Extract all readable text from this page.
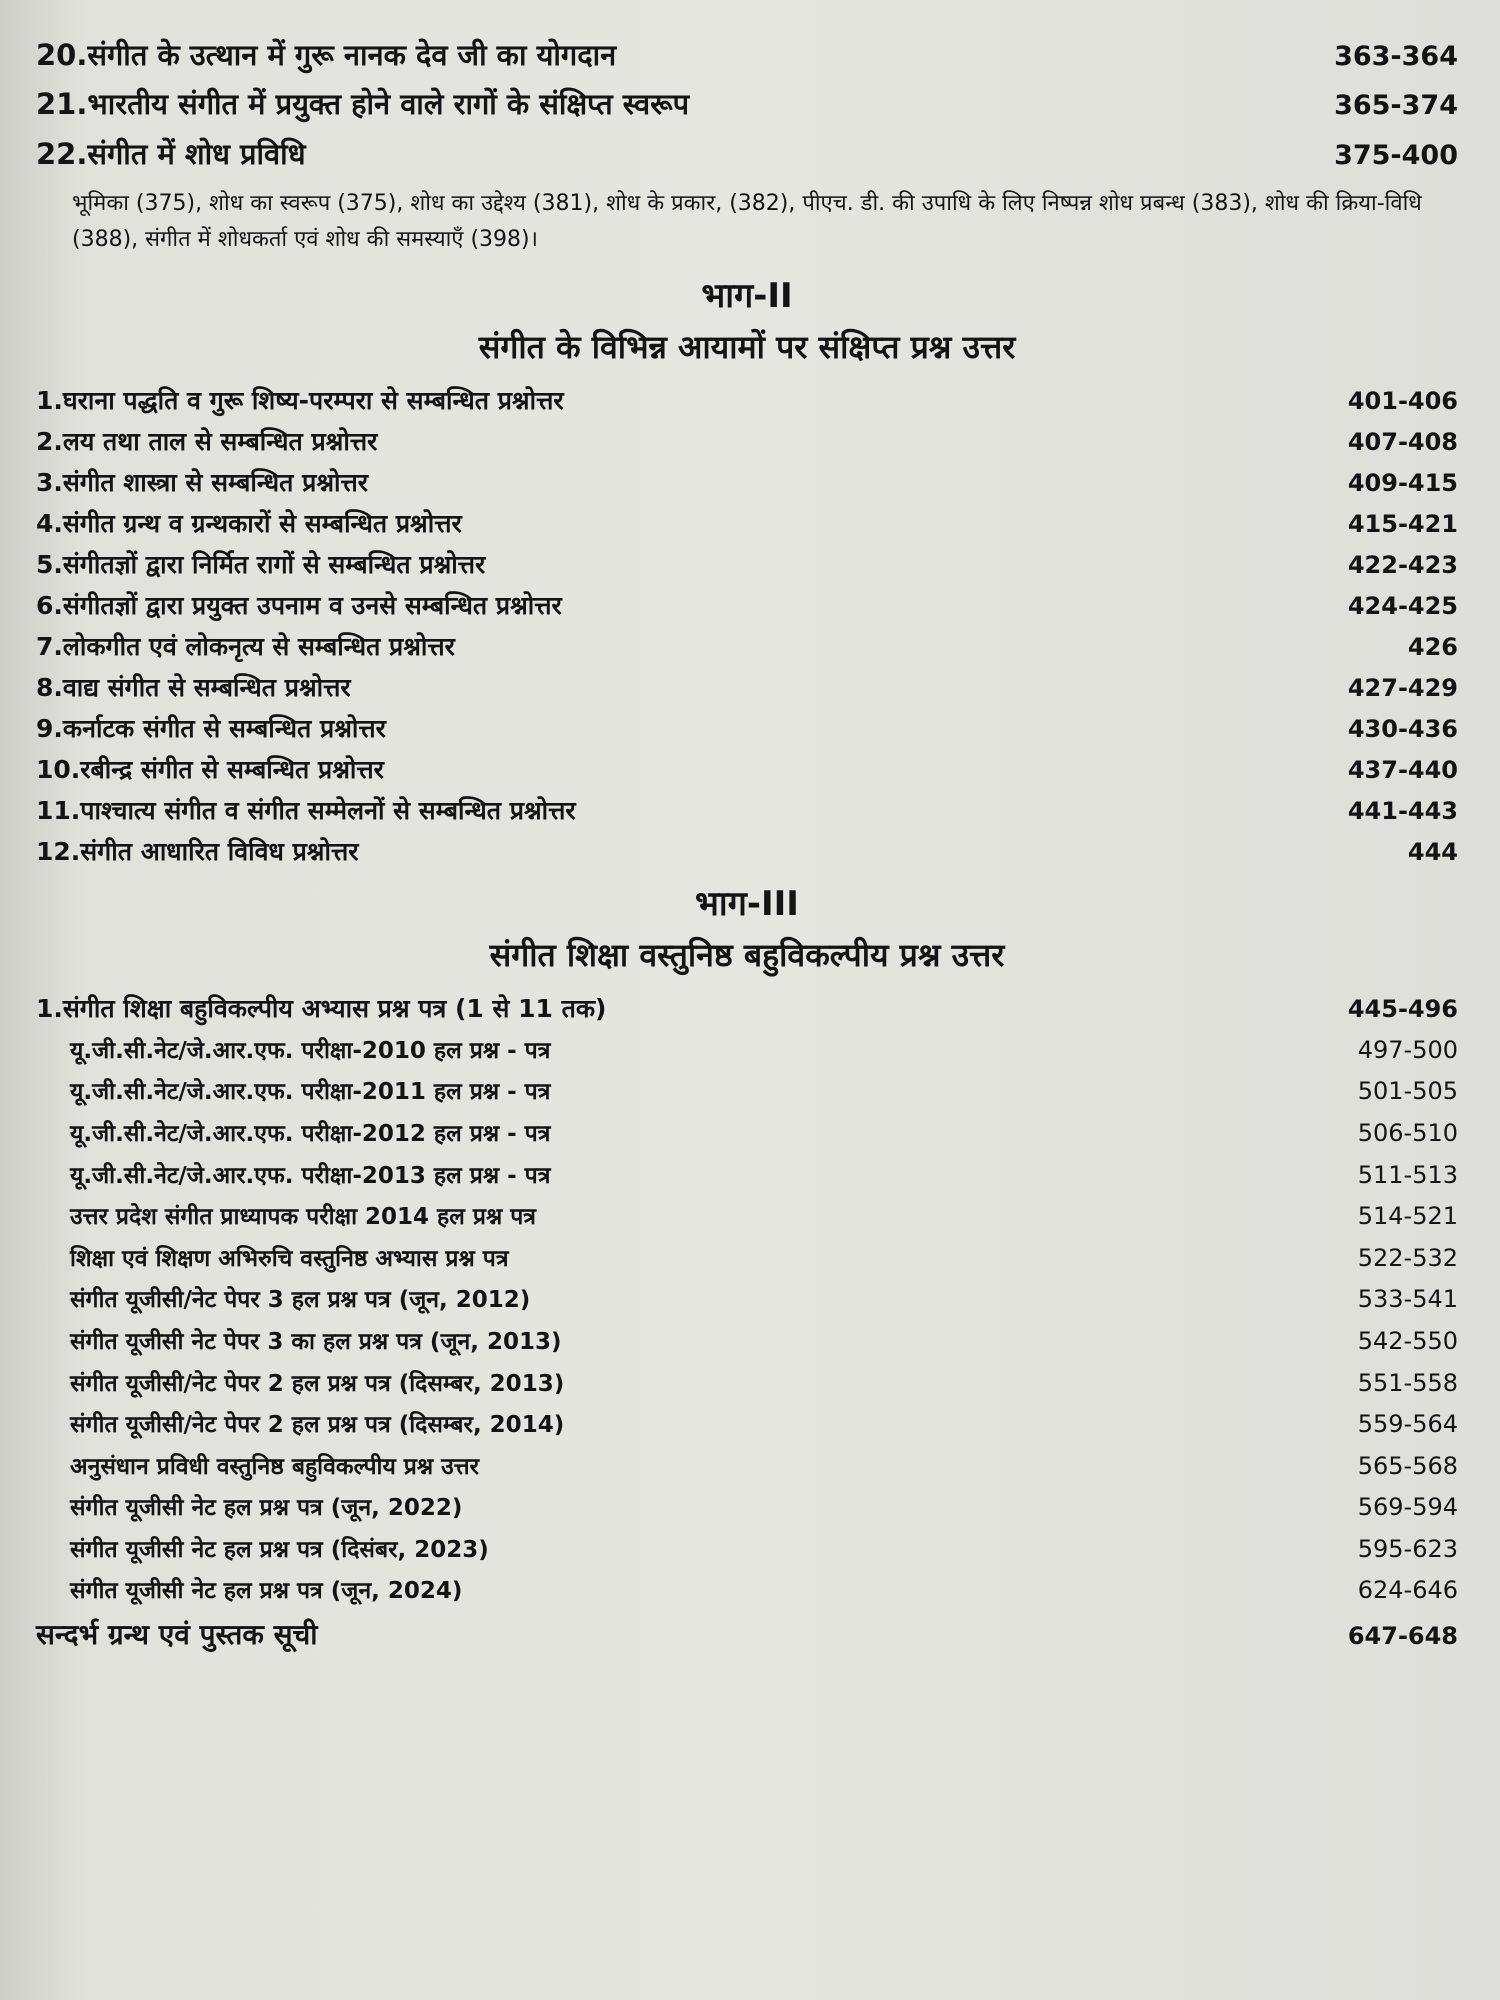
20.संगीत के उत्थान में गुरू नानक देव जी का योगदान	363-364
21.भारतीय संगीत में प्रयुक्त होने वाले रागों के संक्षिप्त स्वरूप	365-374
22.संगीत में शोध प्रविधि	375-400
भूमिका (375), शोध का स्वरूप (375), शोध का उद्देश्य (381), शोध के प्रकार, (382), पीएच. डी. की उपाधि के लिए निष्पन्न शोध प्रबन्ध (383), शोध की क्रिया-विधि (388), संगीत में शोधकर्ता एवं शोध की समस्याएँ (398)।
भाग-II
संगीत के विभिन्न आयामों पर संक्षिप्त प्रश्न उत्तर
1.घराना पद्धति व गुरू शिष्य-परम्परा से सम्बन्धित प्रश्नोत्तर	401-406
2.लय तथा ताल से सम्बन्धित प्रश्नोत्तर	407-408
3.संगीत शास्त्रा से सम्बन्धित प्रश्नोत्तर	409-415
4.संगीत ग्रन्थ व ग्रन्थकारों से सम्बन्धित प्रश्नोत्तर	415-421
5.संगीतज्ञों द्वारा निर्मित रागों से सम्बन्धित प्रश्नोत्तर	422-423
6.संगीतज्ञों द्वारा प्रयुक्त उपनाम व उनसे सम्बन्धित प्रश्नोत्तर	424-425
7.लोकगीत एवं लोकनृत्य से सम्बन्धित प्रश्नोत्तर	426
8.वाद्य संगीत से सम्बन्धित प्रश्नोत्तर	427-429
9.कर्नाटक संगीत से सम्बन्धित प्रश्नोत्तर	430-436
10.रबीन्द्र संगीत से सम्बन्धित प्रश्नोत्तर	437-440
11.पाश्चात्य संगीत व संगीत सम्मेलनों से सम्बन्धित प्रश्नोत्तर	441-443
12.संगीत आधारित विविध प्रश्नोत्तर	444
भाग-III
संगीत शिक्षा वस्तुनिष्ठ बहुविकल्पीय प्रश्न उत्तर
1.संगीत शिक्षा बहुविकल्पीय अभ्यास प्रश्न पत्र (1 से 11 तक)	445-496
यू.जी.सी.नेट/जे.आर.एफ. परीक्षा-2010 हल प्रश्न - पत्र	497-500
यू.जी.सी.नेट/जे.आर.एफ. परीक्षा-2011 हल प्रश्न - पत्र	501-505
यू.जी.सी.नेट/जे.आर.एफ. परीक्षा-2012 हल प्रश्न - पत्र	506-510
यू.जी.सी.नेट/जे.आर.एफ. परीक्षा-2013 हल प्रश्न - पत्र	511-513
उत्तर प्रदेश संगीत प्राध्यापक परीक्षा 2014 हल प्रश्न पत्र	514-521
शिक्षा एवं शिक्षण अभिरुचि वस्तुनिष्ठ अभ्यास प्रश्न पत्र	522-532
संगीत यूजीसी/नेट पेपर 3 हल प्रश्न पत्र (जून, 2012)	533-541
संगीत यूजीसी नेट पेपर 3 का हल प्रश्न पत्र (जून, 2013)	542-550
संगीत यूजीसी/नेट पेपर 2 हल प्रश्न पत्र (दिसम्बर, 2013)	551-558
संगीत यूजीसी/नेट पेपर 2 हल प्रश्न पत्र (दिसम्बर, 2014)	559-564
अनुसंधान प्रविधी वस्तुनिष्ठ बहुविकल्पीय प्रश्न उत्तर	565-568
संगीत यूजीसी नेट हल प्रश्न पत्र (जून, 2022)	569-594
संगीत यूजीसी नेट हल प्रश्न पत्र (दिसंबर, 2023)	595-623
संगीत यूजीसी नेट हल प्रश्न पत्र (जून, 2024)	624-646
सन्दर्भ ग्रन्थ एवं पुस्तक सूची	647-648
